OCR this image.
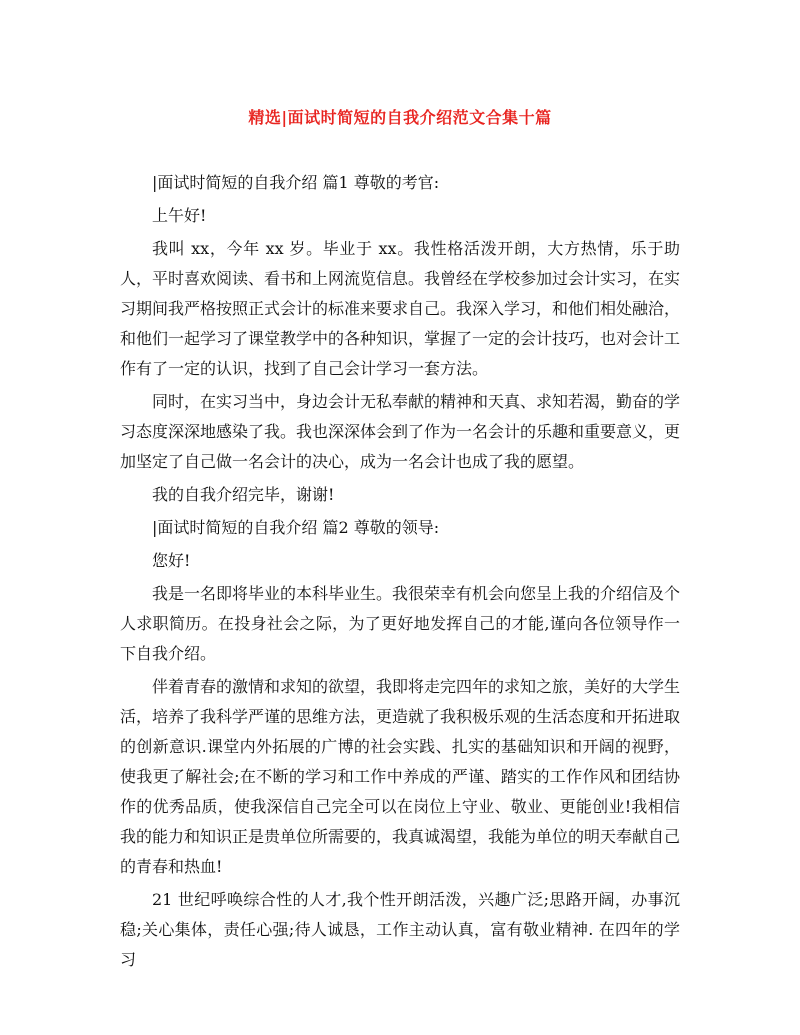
精选|面试时简短的自我介绍范文合集十篇

|面试时简短的自我介绍 篇1 尊敬的考官:

上午好!

我叫 xx，今年 xx 岁。毕业于 xx。我性格活泼开朗，大方热情，乐于助人，平时喜欢阅读、看书和上网流览信息。我曾经在学校参加过会计实习，在实习期间我严格按照正式会计的标准来要求自己。我深入学习，和他们相处融洽，和他们一起学习了课堂教学中的各种知识，掌握了一定的会计技巧，也对会计工作有了一定的认识，找到了自己会计学习一套方法。

同时，在实习当中，身边会计无私奉献的精神和天真、求知若渴，勤奋的学习态度深深地感染了我。我也深深体会到了作为一名会计的乐趣和重要意义，更加坚定了自己做一名会计的决心，成为一名会计也成了我的愿望。

我的自我介绍完毕，谢谢!

|面试时简短的自我介绍 篇2 尊敬的领导:

您好!

我是一名即将毕业的本科毕业生。我很荣幸有机会向您呈上我的介绍信及个人求职简历。在投身社会之际，为了更好地发挥自己的才能,谨向各位领导作一下自我介绍。

伴着青春的激情和求知的欲望，我即将走完四年的求知之旅，美好的大学生活，培养了我科学严谨的思维方法，更造就了我积极乐观的生活态度和开拓进取的创新意识.课堂内外拓展的广博的社会实践、扎实的基础知识和开阔的视野，使我更了解社会;在不断的学习和工作中养成的严谨、踏实的工作作风和团结协作的优秀品质，使我深信自己完全可以在岗位上守业、敬业、更能创业!我相信我的能力和知识正是贵单位所需要的，我真诚渴望，我能为单位的明天奉献自己的青春和热血!

21 世纪呼唤综合性的人才,我个性开朗活泼，兴趣广泛;思路开阔，办事沉稳;关心集体，责任心强;待人诚恳，工作主动认真，富有敬业精神. 在四年的学习
